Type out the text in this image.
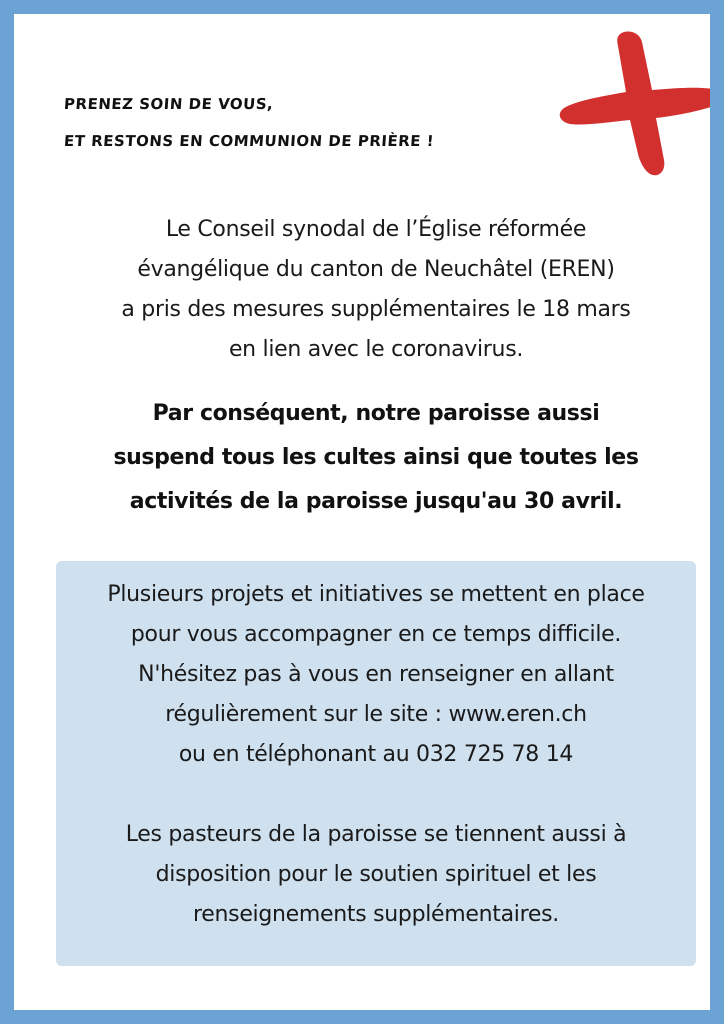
PRENEZ SOIN DE VOUS,
ET RESTONS EN COMMUNION DE PRIÈRE !
Le Conseil synodal de l’Église réformée
évangélique du canton de Neuchâtel (EREN)
a pris des mesures supplémentaires le 18 mars
en lien avec le coronavirus.
Par conséquent, notre paroisse aussi
suspend tous les cultes ainsi que toutes les
activités de la paroisse jusqu'au 30 avril.
Plusieurs projets et initiatives se mettent en place
pour vous accompagner en ce temps difficile.
N'hésitez pas à vous en renseigner en allant
régulièrement sur le site : www.eren.ch
ou en téléphonant au 032 725 78 14
Les pasteurs de la paroisse se tiennent aussi à
disposition pour le soutien spirituel et les
renseignements supplémentaires.
